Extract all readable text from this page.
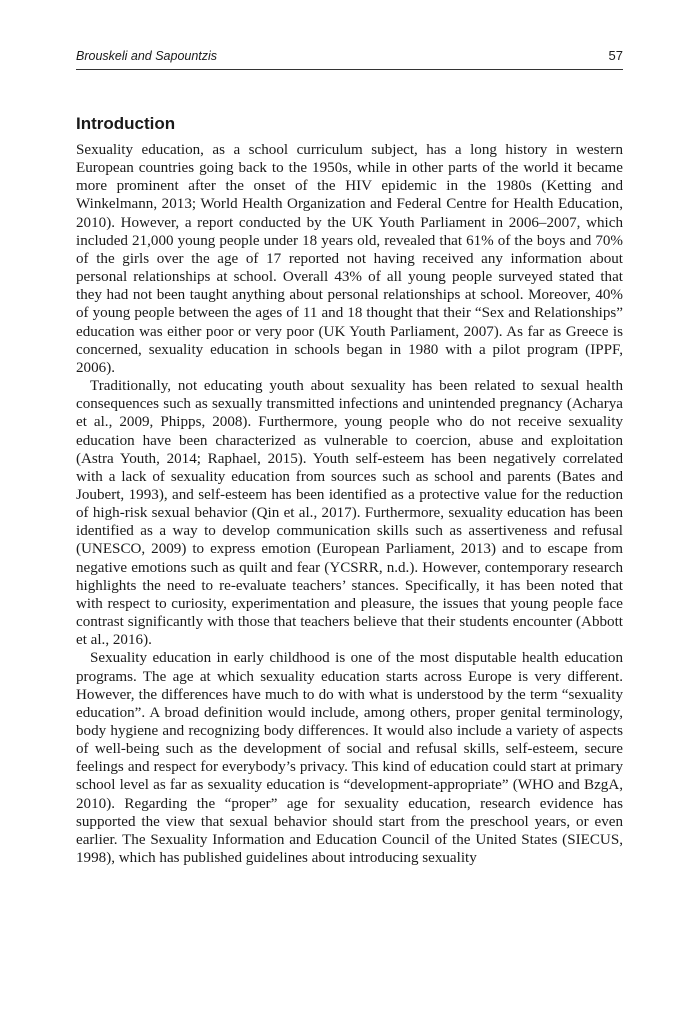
Brouskeli and Sapountzis	57
Introduction

Sexuality education, as a school curriculum subject, has a long history in western European countries going back to the 1950s, while in other parts of the world it became more prominent after the onset of the HIV epidemic in the 1980s (Ketting and Winkelmann, 2013; World Health Organization and Federal Centre for Health Education, 2010). However, a report conducted by the UK Youth Parliament in 2006–2007, which included 21,000 young people under 18 years old, revealed that 61% of the boys and 70% of the girls over the age of 17 reported not having received any information about personal relationships at school. Overall 43% of all young people surveyed stated that they had not been taught anything about personal relationships at school. Moreover, 40% of young people between the ages of 11 and 18 thought that their “Sex and Relationships” education was either poor or very poor (UK Youth Parliament, 2007). As far as Greece is concerned, sexuality education in schools began in 1980 with a pilot program (IPPF, 2006).

Traditionally, not educating youth about sexuality has been related to sexual health consequences such as sexually transmitted infections and unintended pregnancy (Acharya et al., 2009, Phipps, 2008). Furthermore, young people who do not receive sexuality education have been characterized as vulnerable to coercion, abuse and exploitation (Astra Youth, 2014; Raphael, 2015). Youth self-esteem has been negatively correlated with a lack of sexuality education from sources such as school and parents (Bates and Joubert, 1993), and self-esteem has been identified as a protective value for the reduction of high-risk sexual behavior (Qin et al., 2017). Furthermore, sexuality education has been identified as a way to develop communication skills such as assertiveness and refusal (UNESCO, 2009) to express emotion (European Parliament, 2013) and to escape from negative emotions such as quilt and fear (YCSRR, n.d.). However, contemporary research highlights the need to re-evaluate teachers’ stances. Specifically, it has been noted that with respect to curiosity, experimentation and pleasure, the issues that young people face contrast significantly with those that teachers believe that their students encounter (Abbott et al., 2016).

Sexuality education in early childhood is one of the most disputable health education programs. The age at which sexuality education starts across Europe is very different. However, the differences have much to do with what is understood by the term “sexuality education”. A broad definition would include, among others, proper genital terminology, body hygiene and recognizing body differences. It would also include a variety of aspects of well-being such as the development of social and refusal skills, self-esteem, secure feelings and respect for everybody’s privacy. This kind of education could start at primary school level as far as sexuality education is “development-appropriate” (WHO and BzgA, 2010). Regarding the “proper” age for sexuality education, research evidence has supported the view that sexual behavior should start from the preschool years, or even earlier. The Sexuality Information and Education Council of the United States (SIECUS, 1998), which has published guidelines about introducing sexuality
